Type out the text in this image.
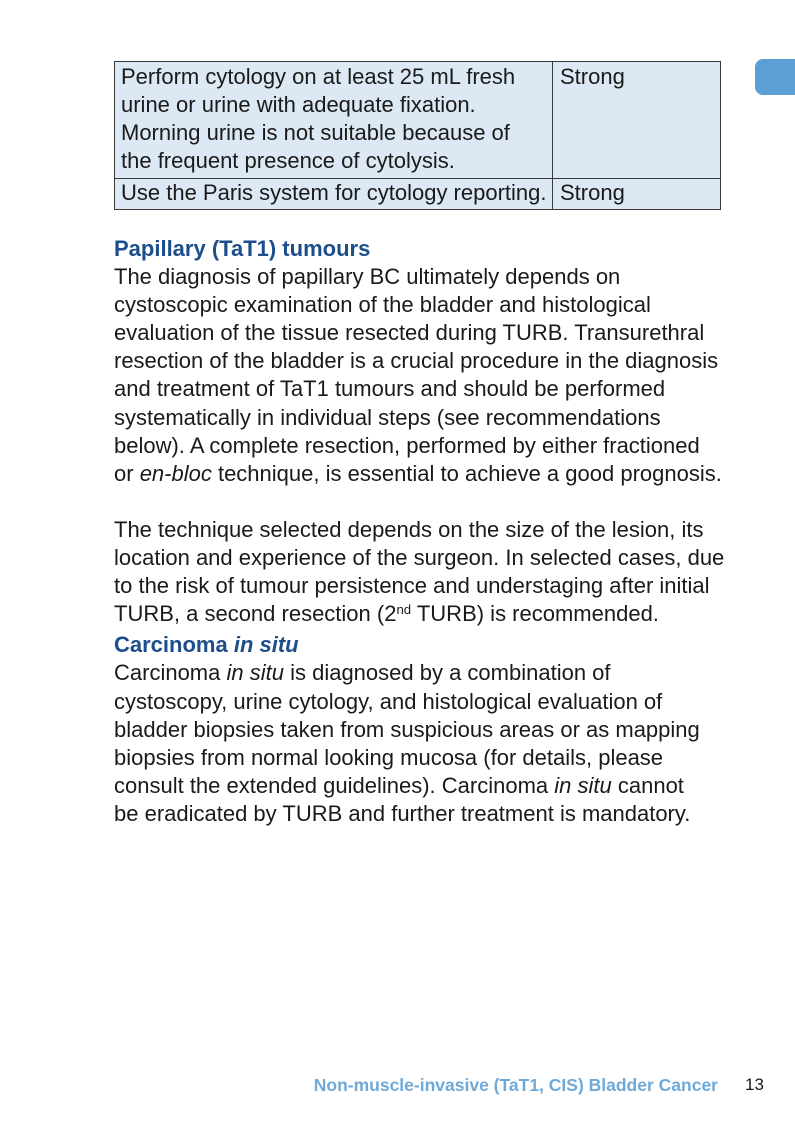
Perform cytology on at least 25 mL fresh
urine or urine with adequate fixation.
Morning urine is not suitable because of
the frequent presence of cytolysis.
Strong
Use the Paris system for cytology reporting. Strong
Papillary (TaT1) tumours
The diagnosis of papillary BC ultimately depends on
cystoscopic examination of the bladder and histological
evaluation of the tissue resected during TURB. Transurethral
resection of the bladder is a crucial procedure in the diagnosis
and treatment of TaT1 tumours and should be performed
systematically in individual steps (see recommendations
below). A complete resection, performed by either fractioned
or en-bloc technique, is essential to achieve a good prognosis.
The technique selected depends on the size of the lesion, its
location and experience of the surgeon. In selected cases, due
to the risk of tumour persistence and understaging after initial
TURB, a second resection (2nd TURB) is recommended.
Carcinoma in situ
Carcinoma in situ is diagnosed by a combination of
cystoscopy, urine cytology, and histological evaluation of
bladder biopsies taken from suspicious areas or as mapping
biopsies from normal looking mucosa (for details, please
consult the extended guidelines). Carcinoma in situ cannot
be eradicated by TURB and further treatment is mandatory.
Non-muscle-invasive (TaT1, CIS) Bladder Cancer 13
